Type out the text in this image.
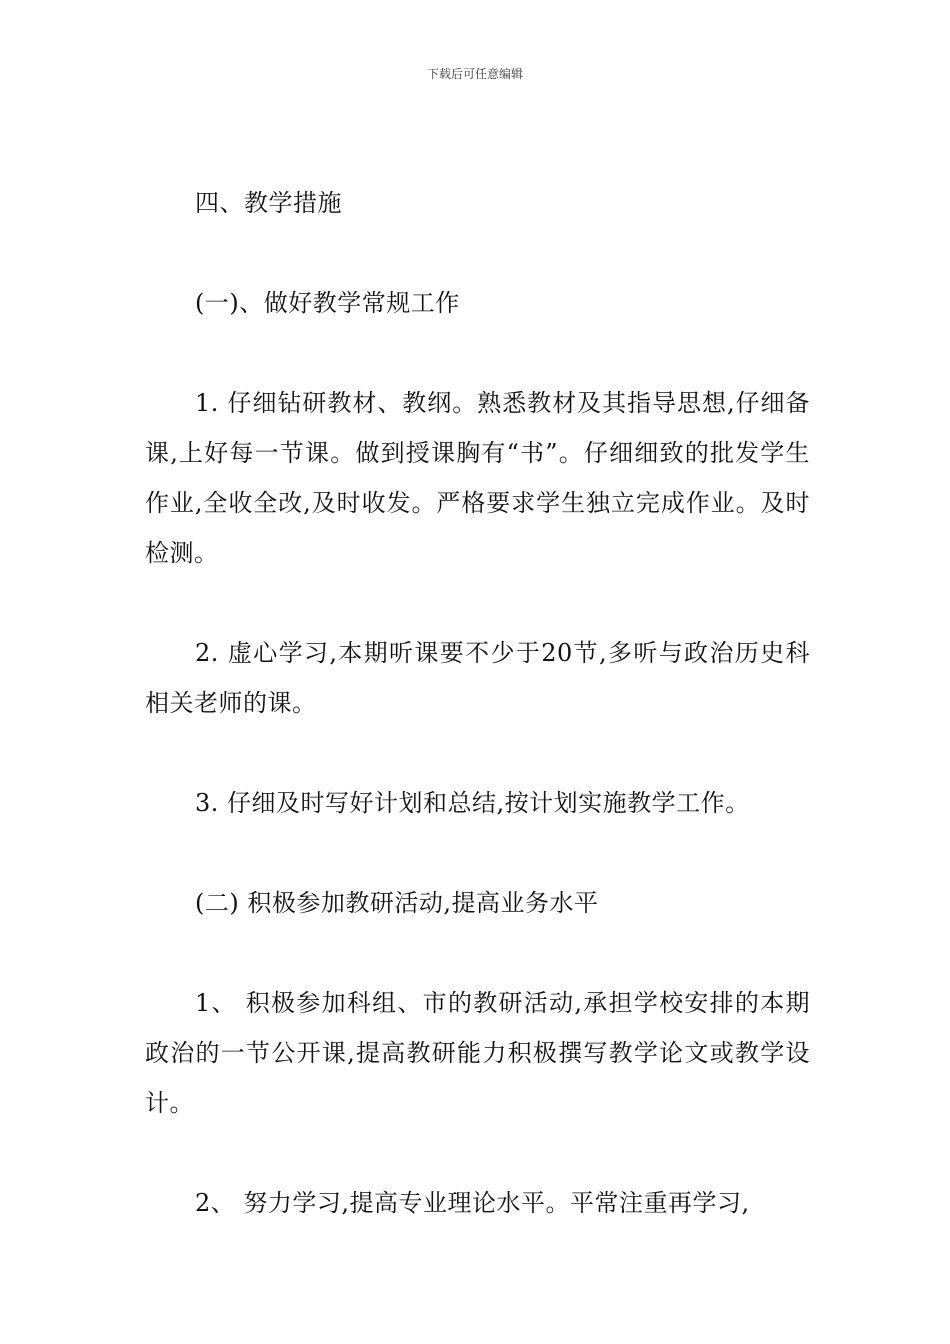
下载后可任意编辑

四、教学措施

(一)、做好教学常规工作

1. 仔细钻研教材、教纲。熟悉教材及其指导思想,仔细备课,上好每一节课。做到授课胸有“书”。仔细细致的批发学生作业,全收全改,及时收发。严格要求学生独立完成作业。及时检测。

2. 虚心学习,本期听课要不少于20节,多听与政治历史科相关老师的课。

3. 仔细及时写好计划和总结,按计划实施教学工作。

(二) 积极参加教研活动,提高业务水平

1、 积极参加科组、市的教研活动,承担学校安排的本期政治的一节公开课,提高教研能力积极撰写教学论文或教学设计。

2、 努力学习,提高专业理论水平。平常注重再学习,
